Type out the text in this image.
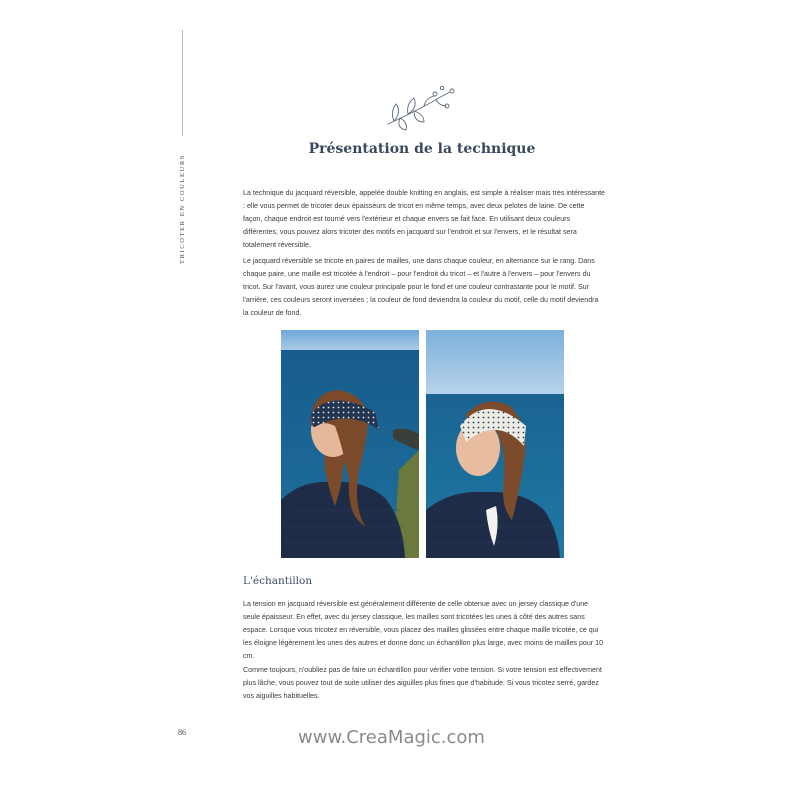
TRICOTER EN COULEURS
Présentation de la technique

La technique du jacquard réversible, appelée double knitting en anglais, est simple à réaliser mais très intéressante : elle vous permet de tricoter deux épaisseurs de tricot en même temps, avec deux pelotes de laine. De cette façon, chaque endroit est tourné vers l'extérieur et chaque envers se fait face. En utilisant deux couleurs différentes, vous pouvez alors tricoter des motifs en jacquard sur l'endroit et sur l'envers, et le résultat sera totalement réversible.

Le jacquard réversible se tricote en paires de mailles, une dans chaque couleur, en alternance sur le rang. Dans chaque paire, une maille est tricotée à l'endroit – pour l'endroit du tricot – et l'autre à l'envers – pour l'envers du tricot. Sur l'avant, vous aurez une couleur principale pour le fond et une couleur contrastante pour le motif. Sur l'arrière, ces couleurs seront inversées ; la couleur de fond deviendra la couleur du motif, celle du motif deviendra la couleur de fond.

L'échantillon

La tension en jacquard réversible est généralement différente de celle obtenue avec un jersey classique d'une seule épaisseur. En effet, avec du jersey classique, les mailles sont tricotées les unes à côté des autres sans espace. Lorsque vous tricotez en réversible, vous placez des mailles glissées entre chaque maille tricotée, ce qui les éloigne légèrement les unes des autres et donne donc un échantillon plus large, avec moins de mailles pour 10 cm.

Comme toujours, n'oubliez pas de faire un échantillon pour vérifier votre tension. Si votre tension est effectivement plus lâche, vous pouvez tout de suite utiliser des aiguilles plus fines que d'habitude. Si vous tricotez serré, gardez vos aiguilles habituelles.

86	www.CreaMagic.com
